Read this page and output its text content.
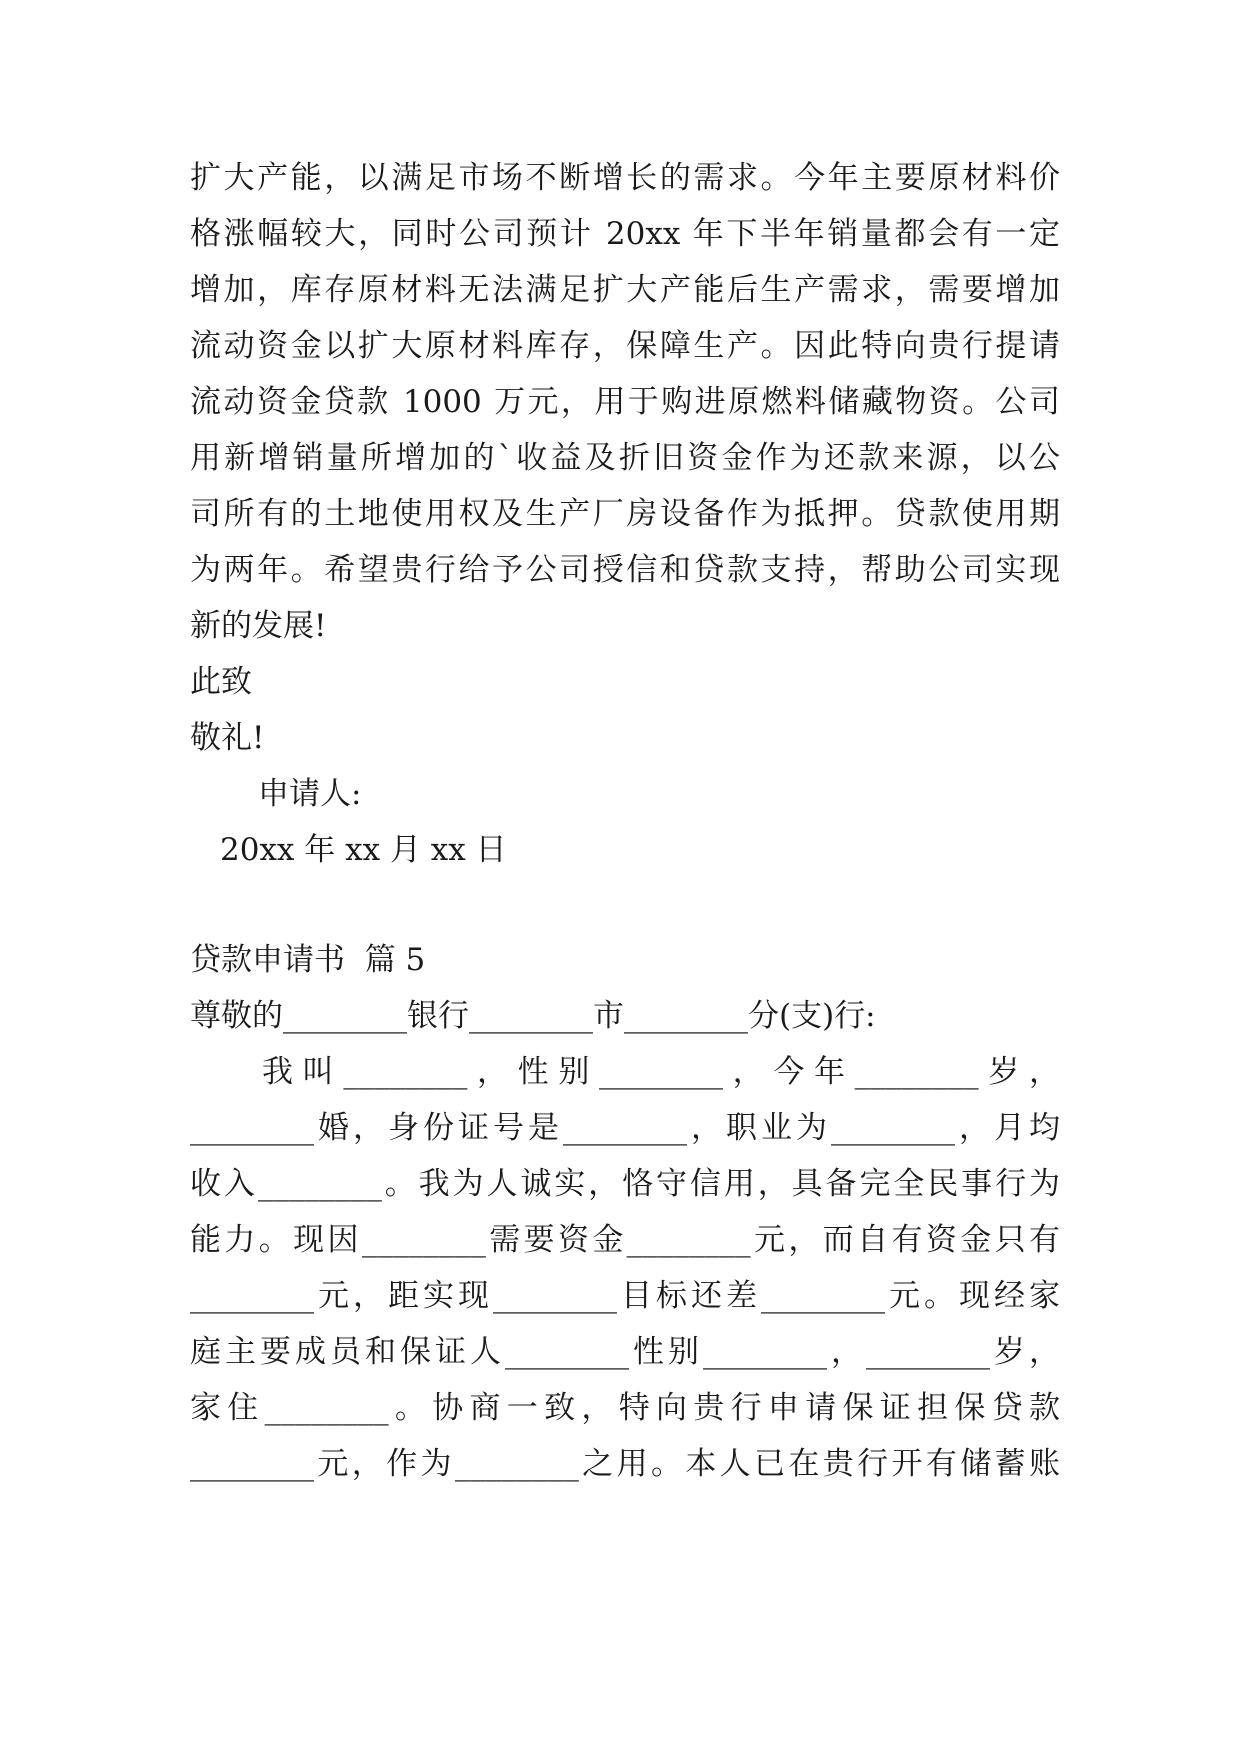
扩大产能，以满足市场不断增长的需求。今年主要原材料价
格涨幅较大，同时公司预计 20xx 年下半年销量都会有一定
增加，库存原材料无法满足扩大产能后生产需求，需要增加
流动资金以扩大原材料库存，保障生产。因此特向贵行提请
流动资金贷款 1000 万元，用于购进原燃料储藏物资。公司
用新增销量所增加的`收益及折旧资金作为还款来源，以公
司所有的土地使用权及生产厂房设备作为抵押。贷款使用期
为两年。希望贵行给予公司授信和贷款支持，帮助公司实现
新的发展!
此致
敬礼!
申请人:
20xx 年 xx 月 xx 日
贷款申请书  篇 5
尊敬的________银行________市________分(支)行:
我叫________，性别________，今年________岁，
________婚，身份证号是________，职业为________，月均
收入________。我为人诚实，恪守信用，具备完全民事行为
能力。现因________需要资金________元，而自有资金只有
________元，距实现________目标还差________元。现经家
庭主要成员和保证人________性别________，________岁，
家住________。协商一致，特向贵行申请保证担保贷款
________元，作为________之用。本人已在贵行开有储蓄账
